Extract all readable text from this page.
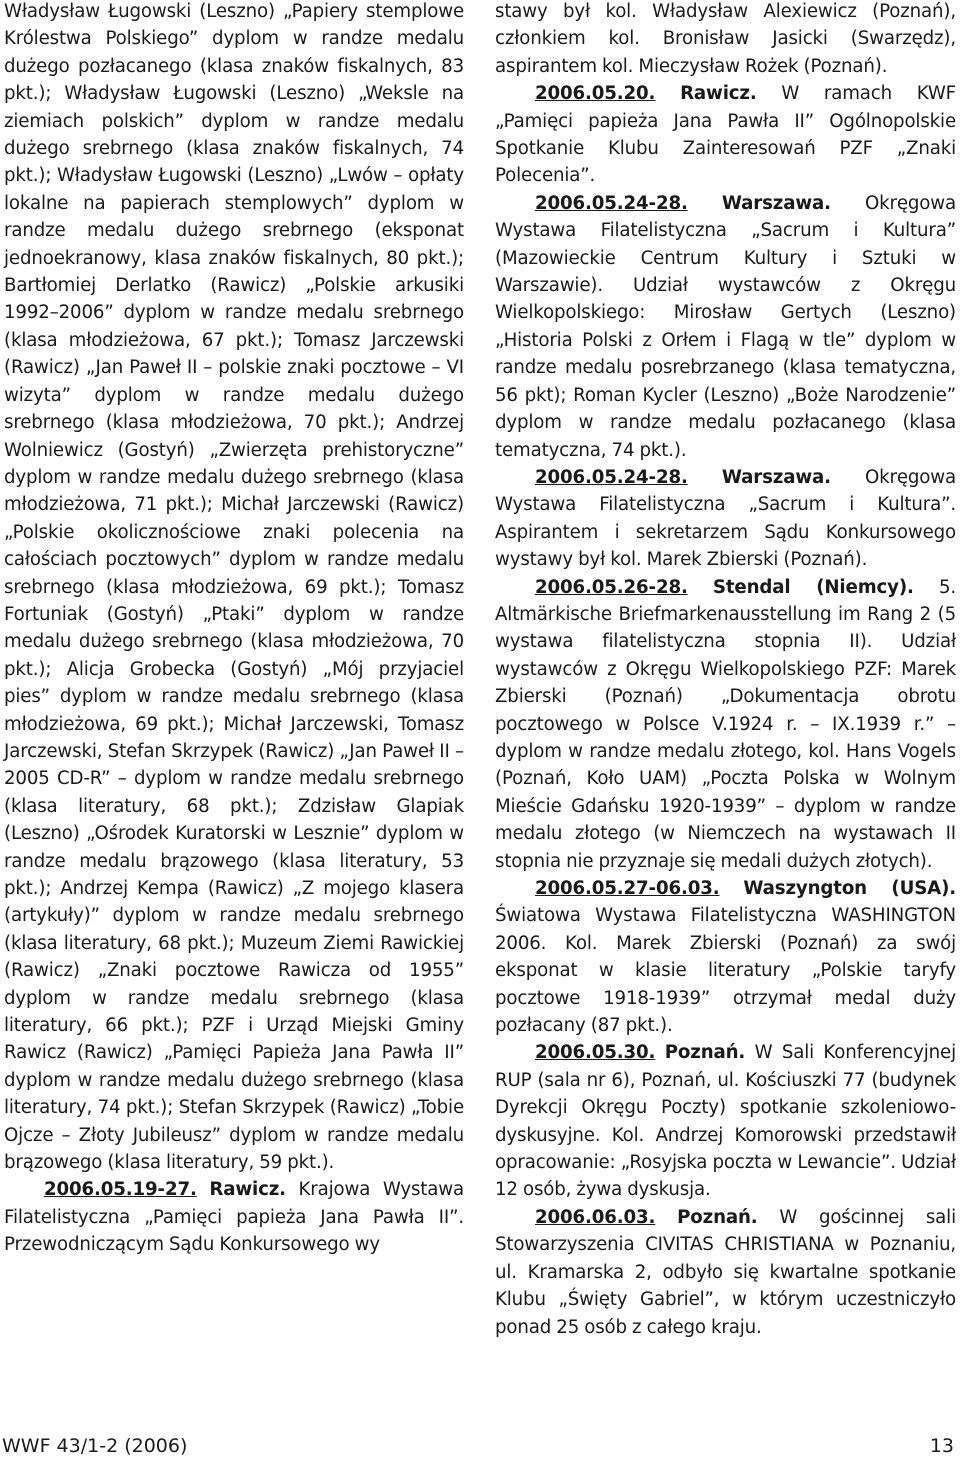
Władysław Ługowski (Leszno) „Papiery stemplowe Królestwa Polskiego” dyplom w randze medalu dużego pozłacanego (klasa znaków fiskalnych, 83 pkt.); Władysław Ługowski (Leszno) „Weksle na ziemiach polskich” dyplom w randze medalu dużego srebrnego (klasa znaków fiskalnych, 74 pkt.); Władysław Ługowski (Leszno) „Lwów – opłaty lokalne na papierach stemplowych” dyplom w randze medalu dużego srebrnego (eksponat jednoekranowy, klasa znaków fiskalnych, 80 pkt.); Bartłomiej Derlatko (Rawicz) „Polskie arkusiki 1992–2006” dyplom w randze medalu srebrnego (klasa młodzieżowa, 67 pkt.); Tomasz Jarczewski (Rawicz) „Jan Paweł II – polskie znaki pocztowe – VI wizyta” dyplom w randze medalu dużego srebrnego (klasa młodzieżowa, 70 pkt.); Andrzej Wolniewicz (Gostyń) „Zwierzęta prehistoryczne” dyplom w randze medalu dużego srebrnego (klasa młodzieżowa, 71 pkt.); Michał Jarczewski (Rawicz) „Polskie okolicznościowe znaki polecenia na całościach pocztowych” dyplom w randze medalu srebrnego (klasa młodzieżowa, 69 pkt.); Tomasz Fortuniak (Gostyń) „Ptaki” dyplom w randze medalu dużego srebrnego (klasa młodzieżowa, 70 pkt.); Alicja Grobecka (Gostyń) „Mój przyjaciel pies” dyplom w randze medalu srebrnego (klasa młodzieżowa, 69 pkt.); Michał Jarczewski, Tomasz Jarczewski, Stefan Skrzypek (Rawicz) „Jan Paweł II – 2005 CD-R” – dyplom w randze medalu srebrnego (klasa literatury, 68 pkt.); Zdzisław Glapiak (Leszno) „Ośrodek Kuratorski w Lesznie” dyplom w randze medalu brązowego (klasa literatury, 53 pkt.); Andrzej Kempa (Rawicz) „Z mojego klasera (artykuły)” dyplom w randze medalu srebrnego (klasa literatury, 68 pkt.); Muzeum Ziemi Rawickiej (Rawicz) „Znaki pocztowe Rawicza od 1955” dyplom w randze medalu srebrnego (klasa literatury, 66 pkt.); PZF i Urząd Miejski Gminy Rawicz (Rawicz) „Pamięci Papieża Jana Pawła II” dyplom w randze medalu dużego srebrnego (klasa literatury, 74 pkt.); Stefan Skrzypek (Rawicz) „Tobie Ojcze – Złoty Jubileusz” dyplom w randze medalu brązowego (klasa literatury, 59 pkt.).

2006.05.19-27. Rawicz. Krajowa Wystawa Filatelistyczna „Pamięci papieża Jana Pawła II”. Przewodniczącym Sądu Konkursowego wy

stawy był kol. Władysław Alexiewicz (Poznań), członkiem kol. Bronisław Jasicki (Swarzędz), aspirantem kol. Mieczysław Rożek (Poznań).

2006.05.20. Rawicz. W ramach KWF „Pamięci papieża Jana Pawła II” Ogólnopolskie Spotkanie Klubu Zainteresowań PZF „Znaki Polecenia”.

2006.05.24-28. Warszawa. Okręgowa Wystawa Filatelistyczna „Sacrum i Kultura” (Mazowieckie Centrum Kultury i Sztuki w Warszawie). Udział wystawców z Okręgu Wielkopolskiego: Mirosław Gertych (Leszno) „Historia Polski z Orłem i Flagą w tle” dyplom w randze medalu posrebrzanego (klasa tematyczna, 56 pkt); Roman Kycler (Leszno) „Boże Narodzenie” dyplom w randze medalu pozłacanego (klasa tematyczna, 74 pkt.).

2006.05.24-28. Warszawa. Okręgowa Wystawa Filatelistyczna „Sacrum i Kultura”. Aspirantem i sekretarzem Sądu Konkursowego wystawy był kol. Marek Zbierski (Poznań).

2006.05.26-28. Stendal (Niemcy). 5. Altmärkische Briefmarkenausstellung im Rang 2 (5 wystawa filatelistyczna stopnia II). Udział wystawców z Okręgu Wielkopolskiego PZF: Marek Zbierski (Poznań) „Dokumentacja obrotu pocztowego w Polsce V.1924 r. – IX.1939 r.” – dyplom w randze medalu złotego, kol. Hans Vogels (Poznań, Koło UAM) „Poczta Polska w Wolnym Mieście Gdańsku 1920-1939” – dyplom w randze medalu złotego (w Niemczech na wystawach II stopnia nie przyznaje się medali dużych złotych).

2006.05.27-06.03. Waszyngton (USA). Światowa Wystawa Filatelistyczna WASHINGTON 2006. Kol. Marek Zbierski (Poznań) za swój eksponat w klasie literatury „Polskie taryfy pocztowe 1918-1939” otrzymał medal duży pozłacany (87 pkt.).

2006.05.30. Poznań. W Sali Konferencyjnej RUP (sala nr 6), Poznań, ul. Kościuszki 77 (budynek Dyrekcji Okręgu Poczty) spotkanie szkoleniowo-dyskusyjne. Kol. Andrzej Komorowski przedstawił opracowanie: „Rosyjska poczta w Lewancie”. Udział 12 osób, żywa dyskusja.

2006.06.03. Poznań. W gościnnej sali Stowarzyszenia CIVITAS CHRISTIANA w Poznaniu, ul. Kramarska 2, odbyło się kwartalne spotkanie Klubu „Święty Gabriel”, w którym uczestniczyło ponad 25 osób z całego kraju.

WWF 43/1-2 (2006)	13
